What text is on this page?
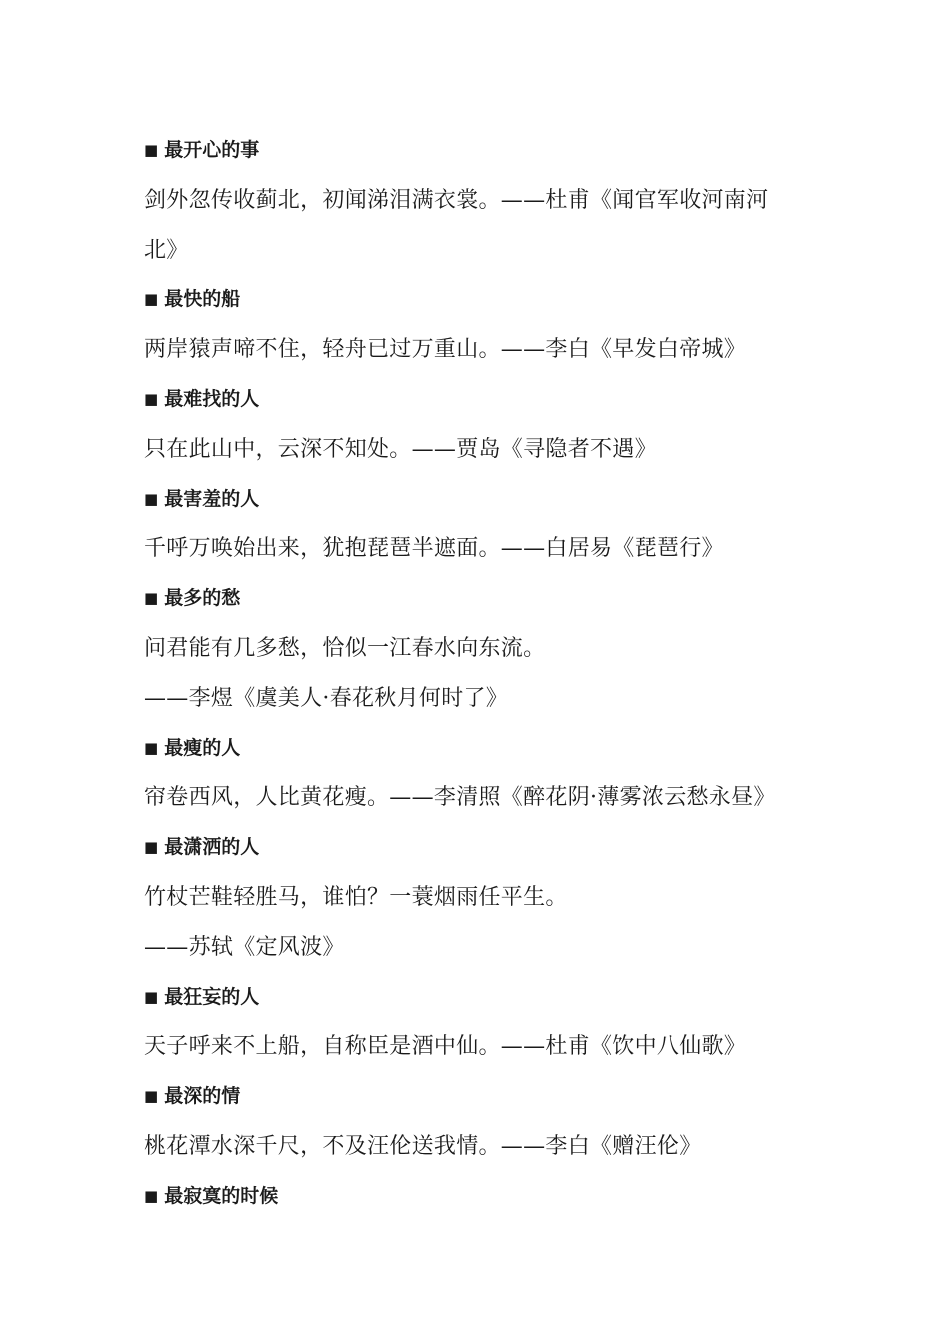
■ 最开心的事
剑外忽传收蓟北，初闻涕泪满衣裳。——杜甫《闻官军收河南河
北》
■ 最快的船
两岸猿声啼不住，轻舟已过万重山。——李白《早发白帝城》
■ 最难找的人
只在此山中，云深不知处。——贾岛《寻隐者不遇》
■ 最害羞的人
千呼万唤始出来，犹抱琵琶半遮面。——白居易《琵琶行》
■ 最多的愁
问君能有几多愁，恰似一江春水向东流。
——李煜《虞美人·春花秋月何时了》
■ 最瘦的人
帘卷西风，人比黄花瘦。——李清照《醉花阴·薄雾浓云愁永昼》
■ 最潇洒的人
竹杖芒鞋轻胜马，谁怕？一蓑烟雨任平生。
——苏轼《定风波》
■ 最狂妄的人
天子呼来不上船，自称臣是酒中仙。——杜甫《饮中八仙歌》
■ 最深的情
桃花潭水深千尺，不及汪伦送我情。——李白《赠汪伦》
■ 最寂寞的时候
